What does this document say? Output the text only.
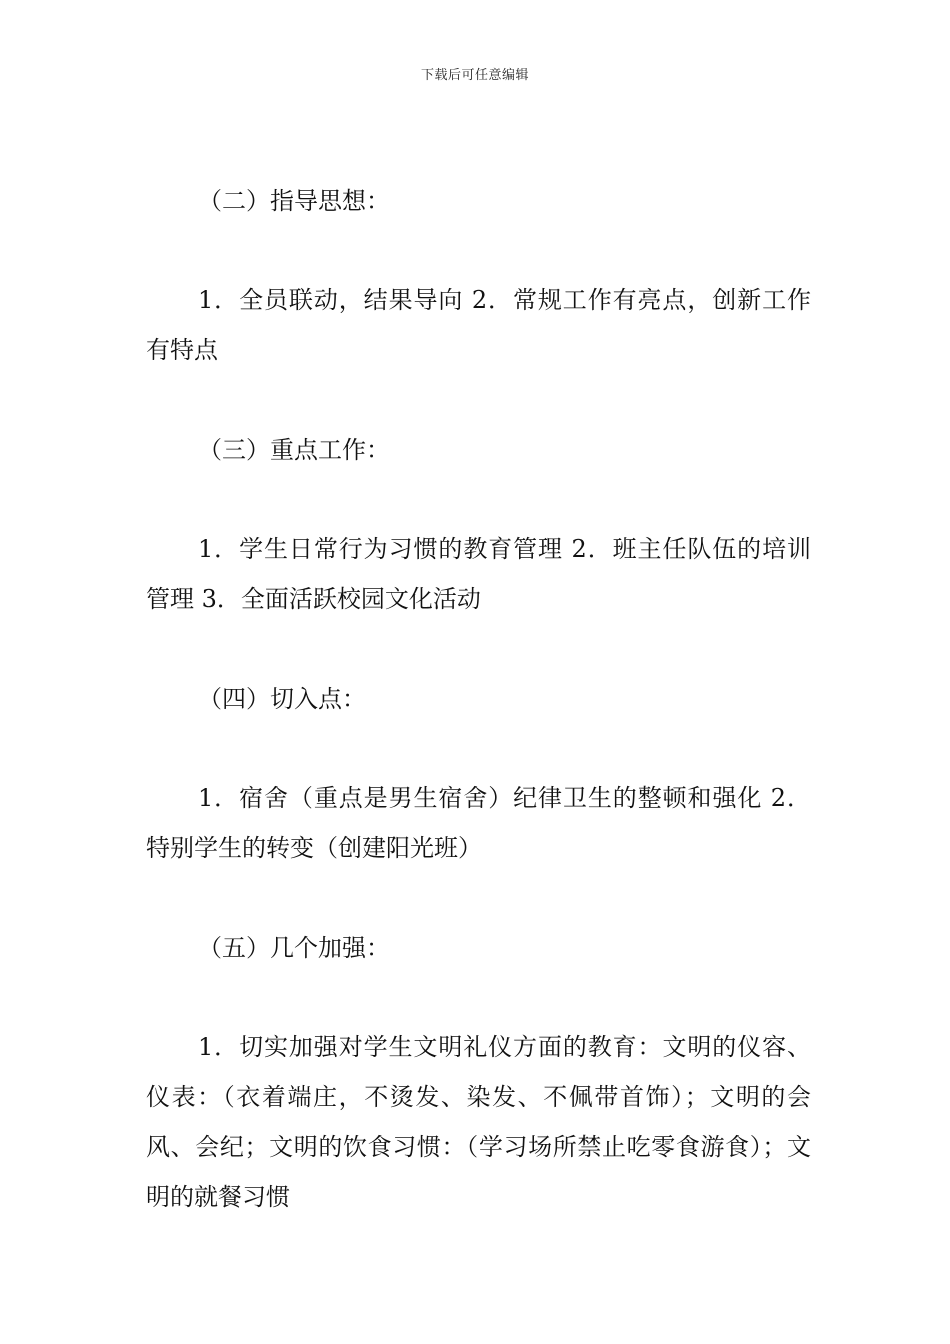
下载后可任意编辑
（二）指导思想：
1．全员联动，结果导向 2．常规工作有亮点，创新工作有特点
（三）重点工作：
1．学生日常行为习惯的教育管理 2．班主任队伍的培训管理 3．全面活跃校园文化活动
（四）切入点：
1．宿舍（重点是男生宿舍）纪律卫生的整顿和强化 2．特别学生的转变（创建阳光班）
（五）几个加强：
1．切实加强对学生文明礼仪方面的教育：文明的仪容、仪表：（衣着端庄，不烫发、染发、不佩带首饰）；文明的会风、会纪；文明的饮食习惯：（学习场所禁止吃零食游食）；文明的就餐习惯
